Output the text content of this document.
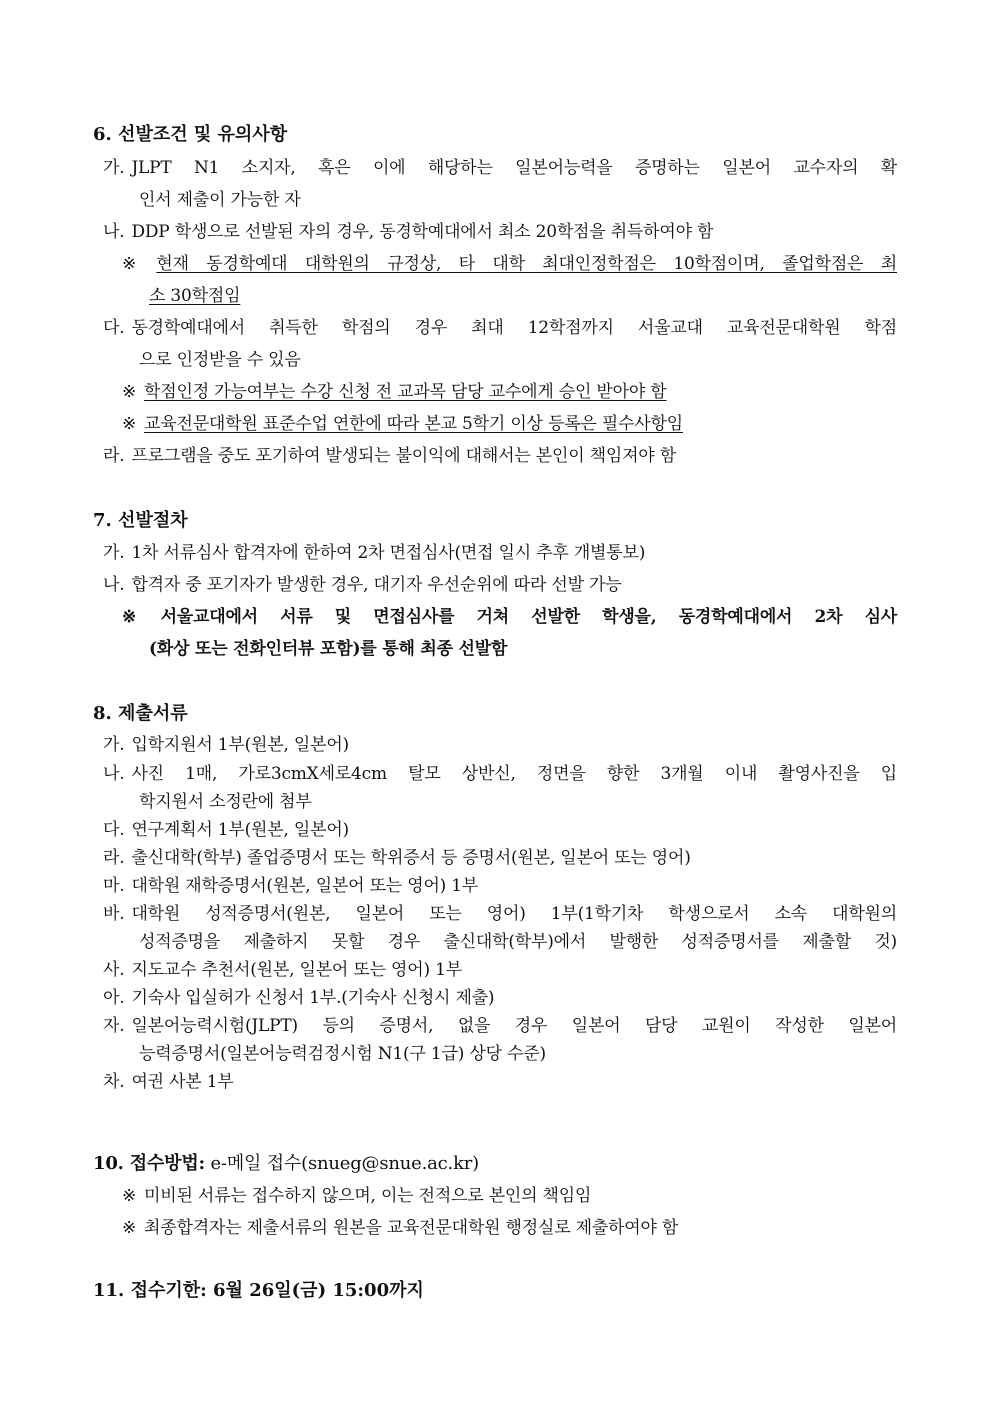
6. 선발조건 및 유의사항
가. JLPT N1 소지자, 혹은 이에 해당하는 일본어능력을 증명하는 일본어 교수자의 확
인서 제출이 가능한 자
나. DDP 학생으로 선발된 자의 경우, 동경학예대에서 최소 20학점을 취득하여야 함
※ 현재 동경학예대 대학원의 규정상, 타 대학 최대인정학점은 10학점이며, 졸업학점은 최
소 30학점임
다. 동경학예대에서 취득한 학점의 경우 최대 12학점까지 서울교대 교육전문대학원 학점
으로 인정받을 수 있음
※ 학점인정 가능여부는 수강 신청 전 교과목 담당 교수에게 승인 받아야 함
※ 교육전문대학원 표준수업 연한에 따라 본교 5학기 이상 등록은 필수사항임
라. 프로그램을 중도 포기하여 발생되는 불이익에 대해서는 본인이 책임져야 함
7. 선발절차
가. 1차 서류심사 합격자에 한하여 2차 면접심사(면접 일시 추후 개별통보)
나. 합격자 중 포기자가 발생한 경우, 대기자 우선순위에 따라 선발 가능
※ 서울교대에서 서류 및 면접심사를 거쳐 선발한 학생을, 동경학예대에서 2차 심사
(화상 또는 전화인터뷰 포함)를 통해 최종 선발함
8. 제출서류
가. 입학지원서 1부(원본, 일본어)
나. 사진 1매, 가로3cmX세로4cm 탈모 상반신, 정면을 향한 3개월 이내 촬영사진을 입
학지원서 소정란에 첨부
다. 연구계획서 1부(원본, 일본어)
라. 출신대학(학부) 졸업증명서 또는 학위증서 등 증명서(원본, 일본어 또는 영어)
마. 대학원 재학증명서(원본, 일본어 또는 영어) 1부
바. 대학원 성적증명서(원본, 일본어 또는 영어) 1부(1학기차 학생으로서 소속 대학원의
성적증명을 제출하지 못할 경우 출신대학(학부)에서 발행한 성적증명서를 제출할 것)
사. 지도교수 추천서(원본, 일본어 또는 영어) 1부
아. 기숙사 입실허가 신청서 1부.(기숙사 신청시 제출)
자. 일본어능력시험(JLPT) 등의 증명서, 없을 경우 일본어 담당 교원이 작성한 일본어
능력증명서(일본어능력검정시험 N1(구 1급) 상당 수준)
차. 여권 사본 1부
10. 접수방법: e-메일 접수(snueg@snue.ac.kr)
※ 미비된 서류는 접수하지 않으며, 이는 전적으로 본인의 책임임
※ 최종합격자는 제출서류의 원본을 교육전문대학원 행정실로 제출하여야 함
11. 접수기한: 6월 26일(금) 15:00까지
